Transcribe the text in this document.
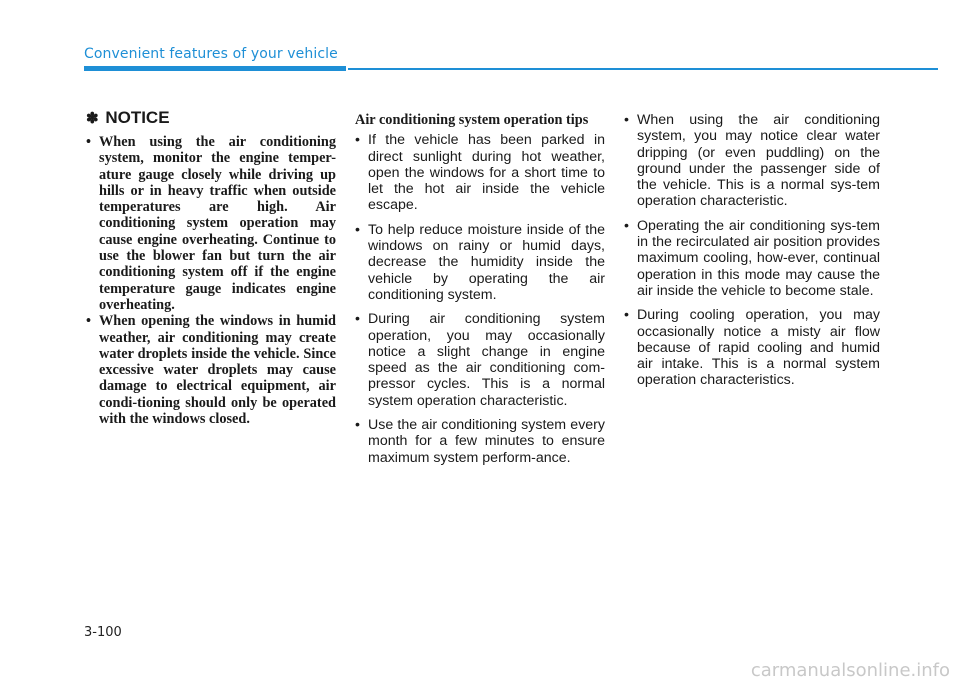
Convenient features of your vehicle
✽ NOTICE
• When using the air conditioning system, monitor the engine temper-ature gauge closely while driving up hills or in heavy traffic when outside temperatures are high. Air conditioning system operation may cause engine overheating. Continue to use the blower fan but turn the air conditioning system off if the engine temperature gauge indicates engine overheating.
• When opening the windows in humid weather, air conditioning may create water droplets inside the vehicle. Since excessive water droplets may cause damage to electrical equipment, air condi-tioning should only be operated with the windows closed.
Air conditioning system operation tips
• If the vehicle has been parked in direct sunlight during hot weather, open the windows for a short time to let the hot air inside the vehicle escape.
• To help reduce moisture inside of the windows on rainy or humid days, decrease the humidity inside the vehicle by operating the air conditioning system.
• During air conditioning system operation, you may occasionally notice a slight change in engine speed as the air conditioning com-pressor cycles. This is a normal system operation characteristic.
• Use the air conditioning system every month for a few minutes to ensure maximum system perform-ance.
• When using the air conditioning system, you may notice clear water dripping (or even puddling) on the ground under the passenger side of the vehicle. This is a normal sys-tem operation characteristic.
• Operating the air conditioning sys-tem in the recirculated air position provides maximum cooling, how-ever, continual operation in this mode may cause the air inside the vehicle to become stale.
• During cooling operation, you may occasionally notice a misty air flow because of rapid cooling and humid air intake. This is a normal system operation characteristics.
3-100
carmanualsonline.info
